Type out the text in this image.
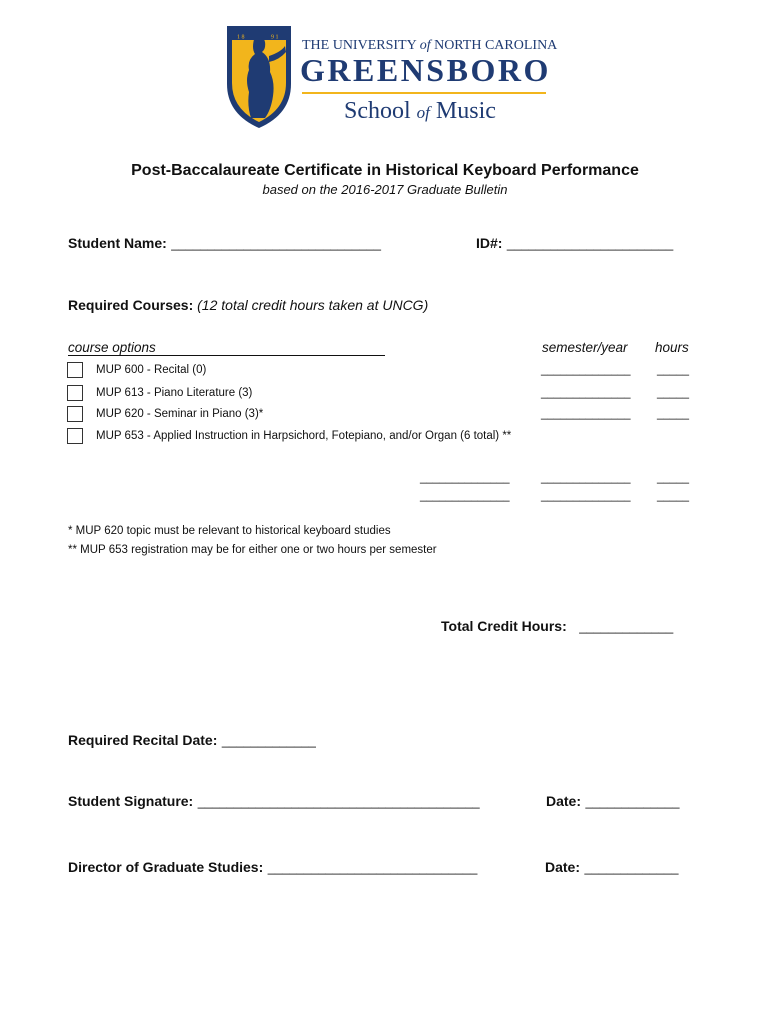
1 8	9 1
THE UNIVERSITY of NORTH CAROLINA
GREENSBORO
School of Music
Post-Baccalaureate Certificate in Historical Keyboard Performance
based on the 2016-2017 Graduate Bulletin
Student Name: _____________________________	ID#: _______________________
Required Courses: (12 total credit hours taken at UNCG)
course options	semester/year hours
MUP 600 - Recital (0)	______________ _____
MUP 613 - Piano Literature (3)	______________ _____
MUP 620 - Seminar in Piano (3)*	______________ _____
MUP 653 - Applied Instruction in Harpsichord, Fotepiano, and/or Organ (6 total) **
______________	______________ _____
______________	______________ _____
* MUP 620 topic must be relevant to historical keyboard studies
** MUP 653 registration may be for either one or two hours per semester
Total Credit Hours: _____________
Required Recital Date: _____________
Student Signature: _______________________________________	Date: _____________
Director of Graduate Studies: _____________________________	Date: _____________
